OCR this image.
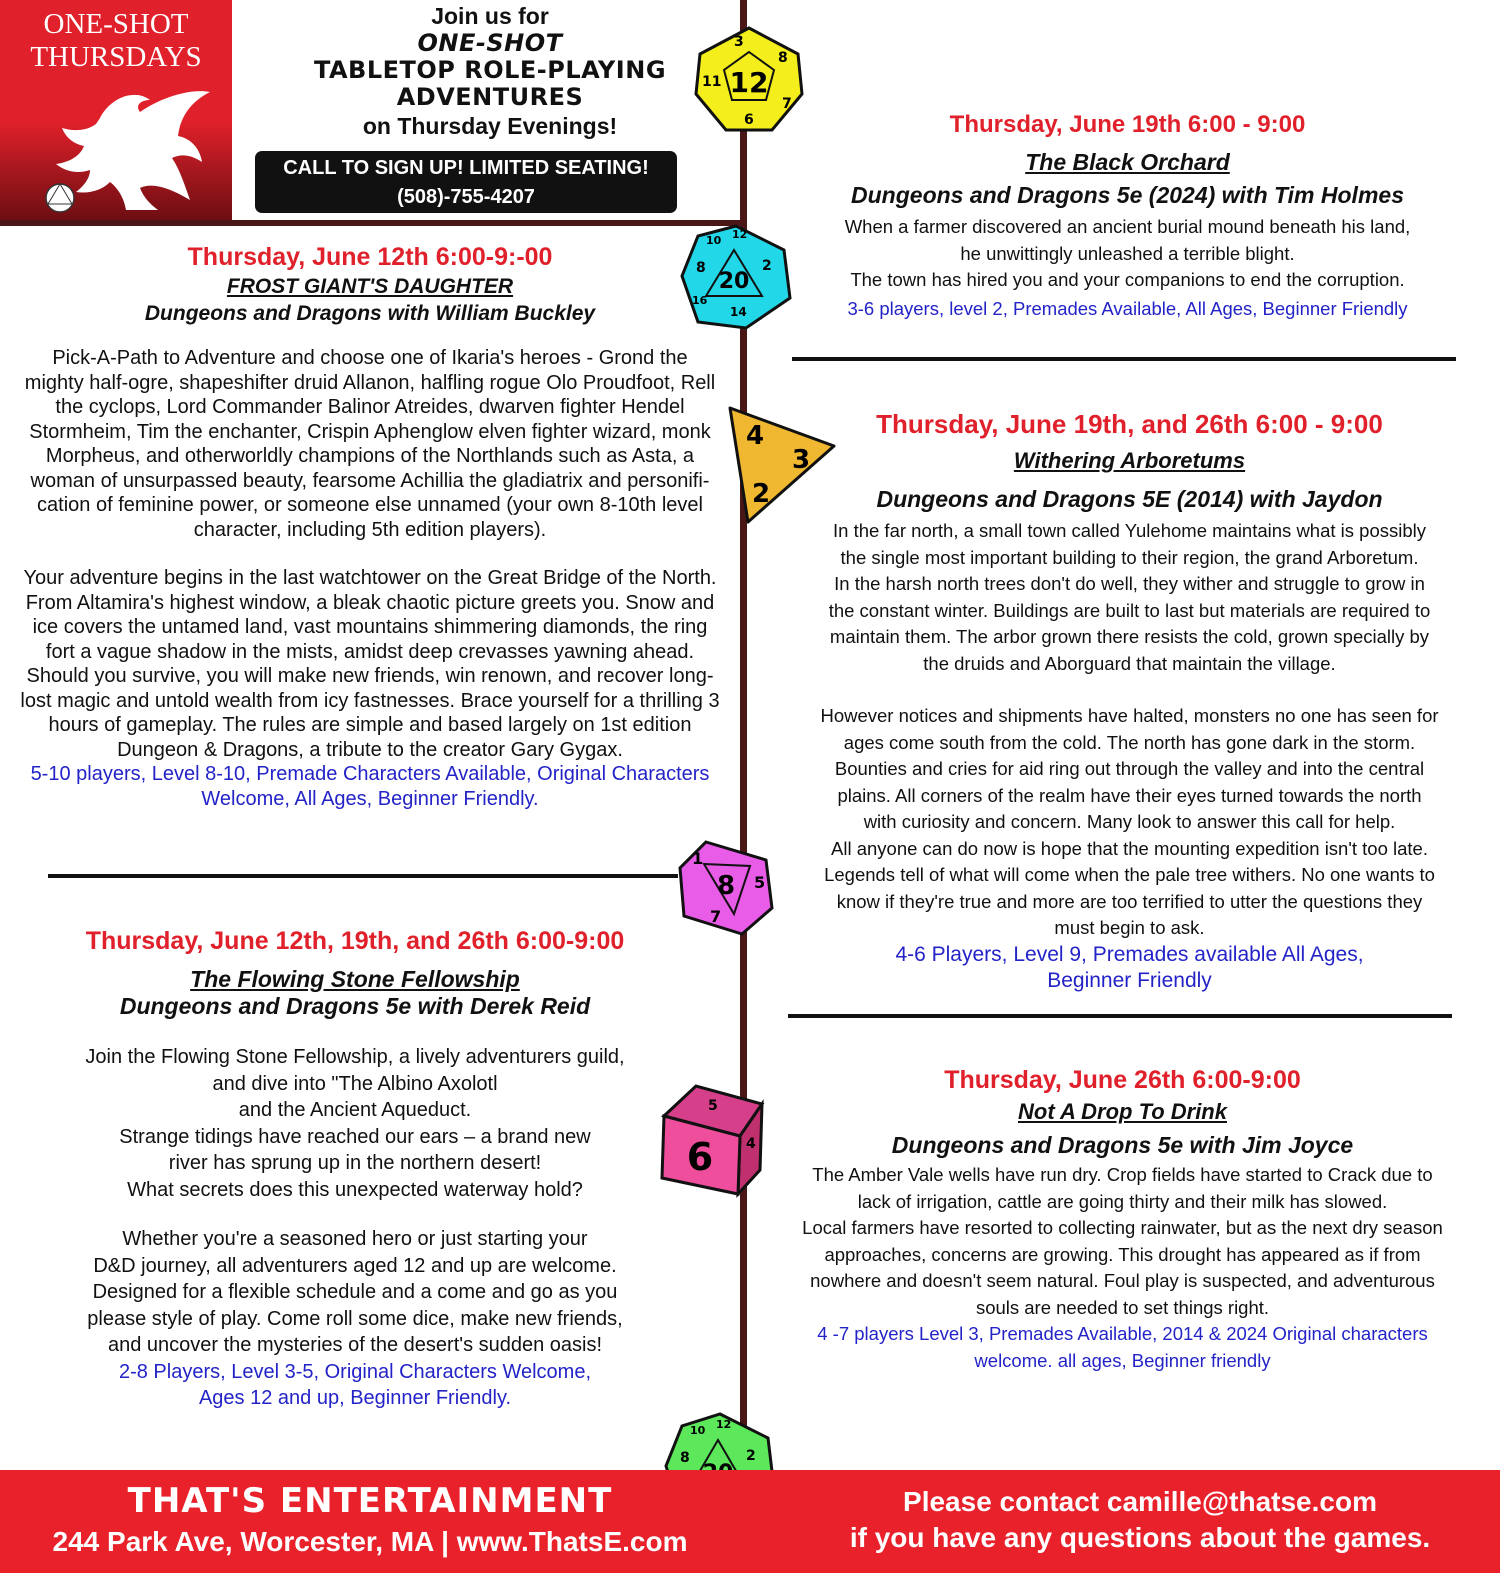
ONE-SHOT
THURSDAYS
Join us for
ONE-SHOT
TABLETOP ROLE-PLAYING
ADVENTURES
on Thursday Evenings!
CALL TO SIGN UP! LIMITED SEATING!
(508)-755-4207
12
3
8
11
7
6
20
10 12
8	2
14
16
4
3
2
8
1
5
7
6
5
4
10 12
8	2
Thursday, June 12th 6:00-9:-00
FROST GIANT'S DAUGHTER
Dungeons and Dragons with William Buckley

Pick-A-Path to Adventure and choose one of Ikaria's heroes - Grond the mighty half-ogre, shapeshifter druid Allanon, halfling rogue Olo Proudfoot, Rell the cyclops, Lord Commander Balinor Atreides, dwarven fighter Hendel Stormheim, Tim the enchanter, Crispin Aphenglow elven fighter wizard, monk Morpheus, and otherworldly champions of the Northlands such as Asta, a woman of unsurpassed beauty, fearsome Achillia the gladiatrix and personifi-cation of feminine power, or someone else unnamed (your own 8-10th level character, including 5th edition players).

Your adventure begins in the last watchtower on the Great Bridge of the North. From Altamira's highest window, a bleak chaotic picture greets you. Snow and ice covers the untamed land, vast mountains shimmering diamonds, the ring fort a vague shadow in the mists, amidst deep crevasses yawning ahead. Should you survive, you will make new friends, win renown, and recover long-lost magic and untold wealth from icy fastnesses. Brace yourself for a thrilling 3 hours of gameplay. The rules are simple and based largely on 1st edition Dungeon & Dragons, a tribute to the creator Gary Gygax.

5-10 players, Level 8-10, Premade Characters Available, Original Characters Welcome, All Ages, Beginner Friendly.

Thursday, June 12th, 19th, and 26th 6:00-9:00
The Flowing Stone Fellowship
Dungeons and Dragons 5e with Derek Reid
Join the Flowing Stone Fellowship, a lively adventurers guild,
and dive into "The Albino Axolotl
and the Ancient Aqueduct.
Strange tidings have reached our ears – a brand new
river has sprung up in the northern desert!
What secrets does this unexpected waterway hold?
Whether you're a seasoned hero or just starting your
D&D journey, all adventurers aged 12 and up are welcome.
Designed for a flexible schedule and a come and go as you
please style of play. Come roll some dice, make new friends,
and uncover the mysteries of the desert's sudden oasis!
2-8 Players, Level 3-5, Original Characters Welcome,
Ages 12 and up, Beginner Friendly.
Thursday, June 19th 6:00 - 9:00
The Black Orchard
Dungeons and Dragons 5e (2024) with Tim Holmes
When a farmer discovered an ancient burial mound beneath his land,
he unwittingly unleashed a terrible blight.
The town has hired you and your companions to end the corruption.
3-6 players, level 2, Premades Available, All Ages, Beginner Friendly
Thursday, June 19th, and 26th 6:00 - 9:00
Withering Arboretums
Dungeons and Dragons 5E (2014) with Jaydon
In the far north, a small town called Yulehome maintains what is possibly
the single most important building to their region, the grand Arboretum.
In the harsh north trees don't do well, they wither and struggle to grow in
the constant winter. Buildings are built to last but materials are required to
maintain them. The arbor grown there resists the cold, grown specially by
the druids and Aborguard that maintain the village.
However notices and shipments have halted, monsters no one has seen for
ages come south from the cold. The north has gone dark in the storm.
Bounties and cries for aid ring out through the valley and into the central
plains. All corners of the realm have their eyes turned towards the north
with curiosity and concern. Many look to answer this call for help.
All anyone can do now is hope that the mounting expedition isn't too late.
Legends tell of what will come when the pale tree withers. No one wants to
know if they're true and more are too terrified to utter the questions they
must begin to ask.
4-6 Players, Level 9, Premades available All Ages,
Beginner Friendly
Thursday, June 26th 6:00-9:00
Not A Drop To Drink
Dungeons and Dragons 5e with Jim Joyce
The Amber Vale wells have run dry. Crop fields have started to Crack due to
lack of irrigation, cattle are going thirty and their milk has slowed.
Local farmers have resorted to collecting rainwater, but as the next dry season
approaches, concerns are growing. This drought has appeared as if from
nowhere and doesn't seem natural. Foul play is suspected, and adventurous
souls are needed to set things right.
4 -7 players Level 3, Premades Available, 2014 & 2024 Original characters
welcome. all ages, Beginner friendly
THAT'S ENTERTAINMENT
244 Park Ave, Worcester, MA | www.ThatsE.com
Please contact camille@thatse.com
if you have any questions about the games.
